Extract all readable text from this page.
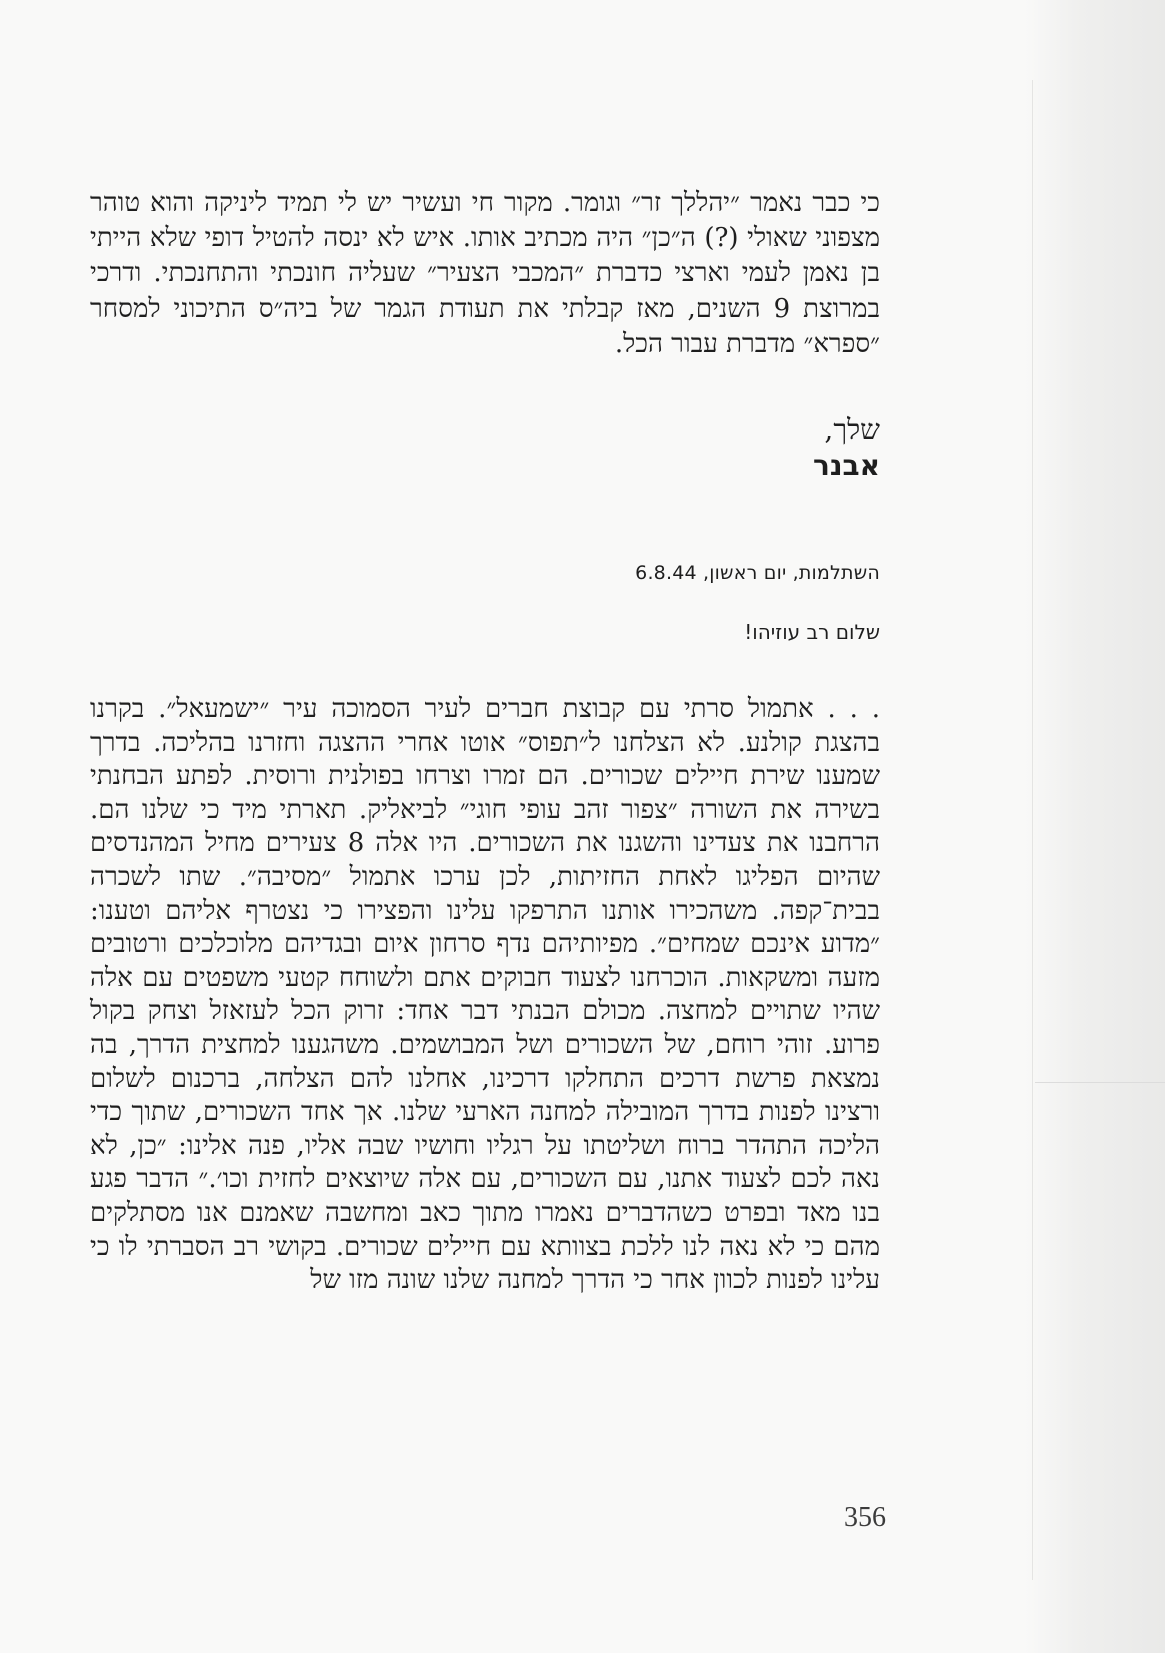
כי כבר נאמר ״יהללך זר״ וגומר. מקור חי ועשיר יש לי תמיד ליניקה והוא טוהר מצפוני שאולי (?) ה״כן״ היה מכתיב אותו. איש לא ינסה להטיל דופי שלא הייתי בן נאמן לעמי וארצי כדברת ״המכבי הצעיר״ שעליה חונכתי והתחנכתי. ודרכי במרוצת 9 השנים, מאז קבלתי את תעודת הגמר של ביה״ס התיכוני למסחר ״ספרא״ מדברת עבור הכל.

שלך,
אבנר
השתלמות, יום ראשון, 6.8.44
שלום רב עוזיהו!

. . . אתמול סרתי עם קבוצת חברים לעיר הסמוכה עיר ״ישמעאל״. בקרנו בהצגת קולנע. לא הצלחנו ל״תפוס״ אוטו אחרי ההצגה וחזרנו בהליכה. בדרך שמענו שירת חיילים שכורים. הם זמרו וצרחו בפולנית ורוסית. לפתע הבחנתי בשירה את השורה ״צפור זהב עופי חוגי״ לביאליק. תארתי מיד כי שלנו הם. הרחבנו את צעדינו והשגנו את השכורים. היו אלה 8 צעירים מחיל המהנדסים שהיום הפליגו לאחת החזיתות, לכן ערכו אתמול ״מסיבה״. שתו לשכרה בבית־קפה. משהכירו אותנו התרפקו עלינו והפצירו כי נצטרף אליהם וטענו: ״מדוע אינכם שמחים״. מפיותיהם נדף סרחון איום ובגדיהם מלוכלכים ורטובים מזעה ומשקאות. הוכרחנו לצעוד חבוקים אתם ולשוחח קטעי משפטים עם אלה שהיו שתויים למחצה. מכולם הבנתי דבר אחד: זרוק הכל לעזאזל וצחק בקול פרוע. זוהי רוחם, של השכורים ושל המבושמים. משהגענו למחצית הדרך, בה נמצאת פרשת דרכים התחלקו דרכינו, אחלנו להם הצלחה, ברכנום לשלום ורצינו לפנות בדרך המובילה למחנה הארעי שלנו. אך אחד השכורים, שתוך כדי הליכה התהדר ברוח ושליטתו על רגליו וחושיו שבה אליו, פנה אלינו: ״כן, לא נאה לכם לצעוד אתנו, עם השכורים, עם אלה שיוצאים לחזית וכו׳.״ הדבר פגע בנו מאד ובפרט כשהדברים נאמרו מתוך כאב ומחשבה שאמנם אנו מסתלקים מהם כי לא נאה לנו ללכת בצוותא עם חיילים שכורים. בקושי רב הסברתי לו כי עלינו לפנות לכוון אחר כי הדרך למחנה שלנו שונה מזו של

356
